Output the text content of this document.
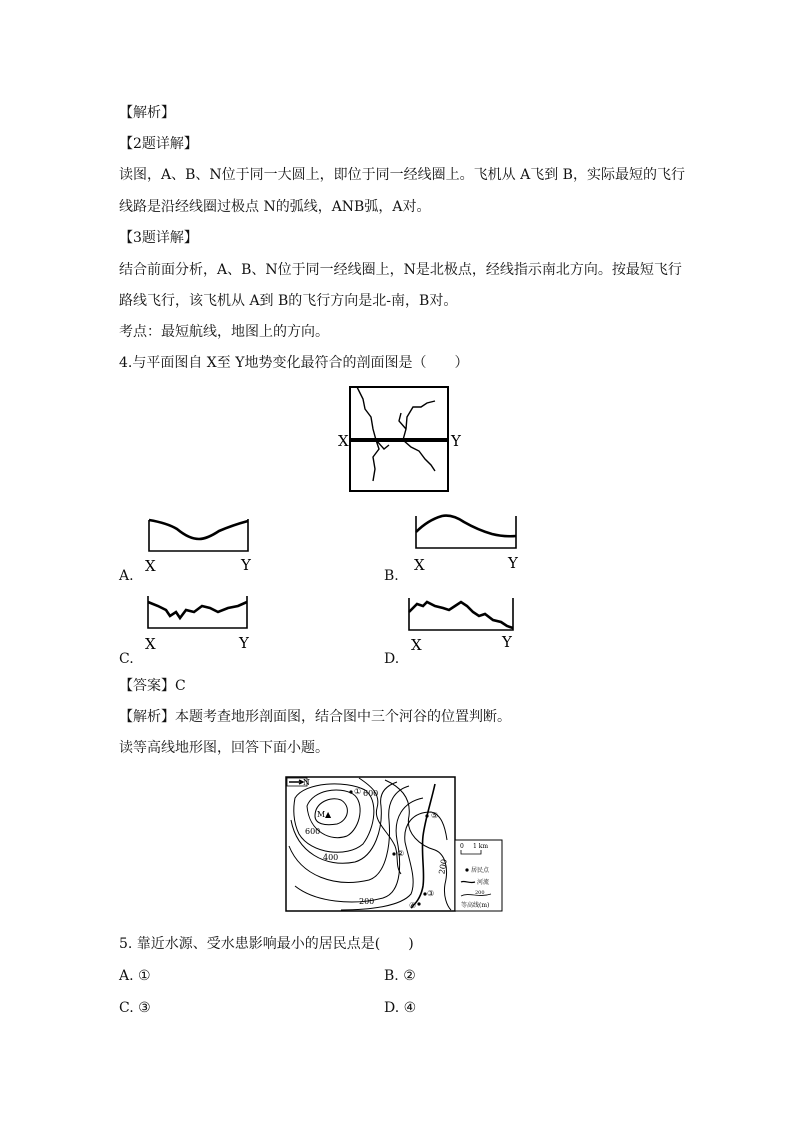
【解析】
【2题详解】
读图，A、B、N位于同一大圆上，即位于同一经线圈上。飞机从 A飞到 B，实际最短的飞行
线路是沿经线圈过极点 N的弧线，ANB弧，A对。
【3题详解】
结合前面分析，A、B、N位于同一经线圈上，N是北极点，经线指示南北方向。按最短飞行
路线飞行，该飞机从 A到 B的飞行方向是北-南，B对。
考点：最短航线，地图上的方向。
4.与平面图自 X至 Y地势变化最符合的剖面图是（　　）
X	Y
X	Y
A.
X	Y
B.
X	Y
C.
X	Y
D.
【答案】C
【解析】本题考查地形剖面图，结合图中三个河谷的位置判断。
读等高线地形图，回答下面小题。
N
M ▲
600
600
400
200
200
①
②
③
④
⑤
0 1 km
居民点
河流
200
等高线(m)
5. 靠近水源、受水患影响最小的居民点是(　　)
A. ①	B. ②
C. ③	D. ④
